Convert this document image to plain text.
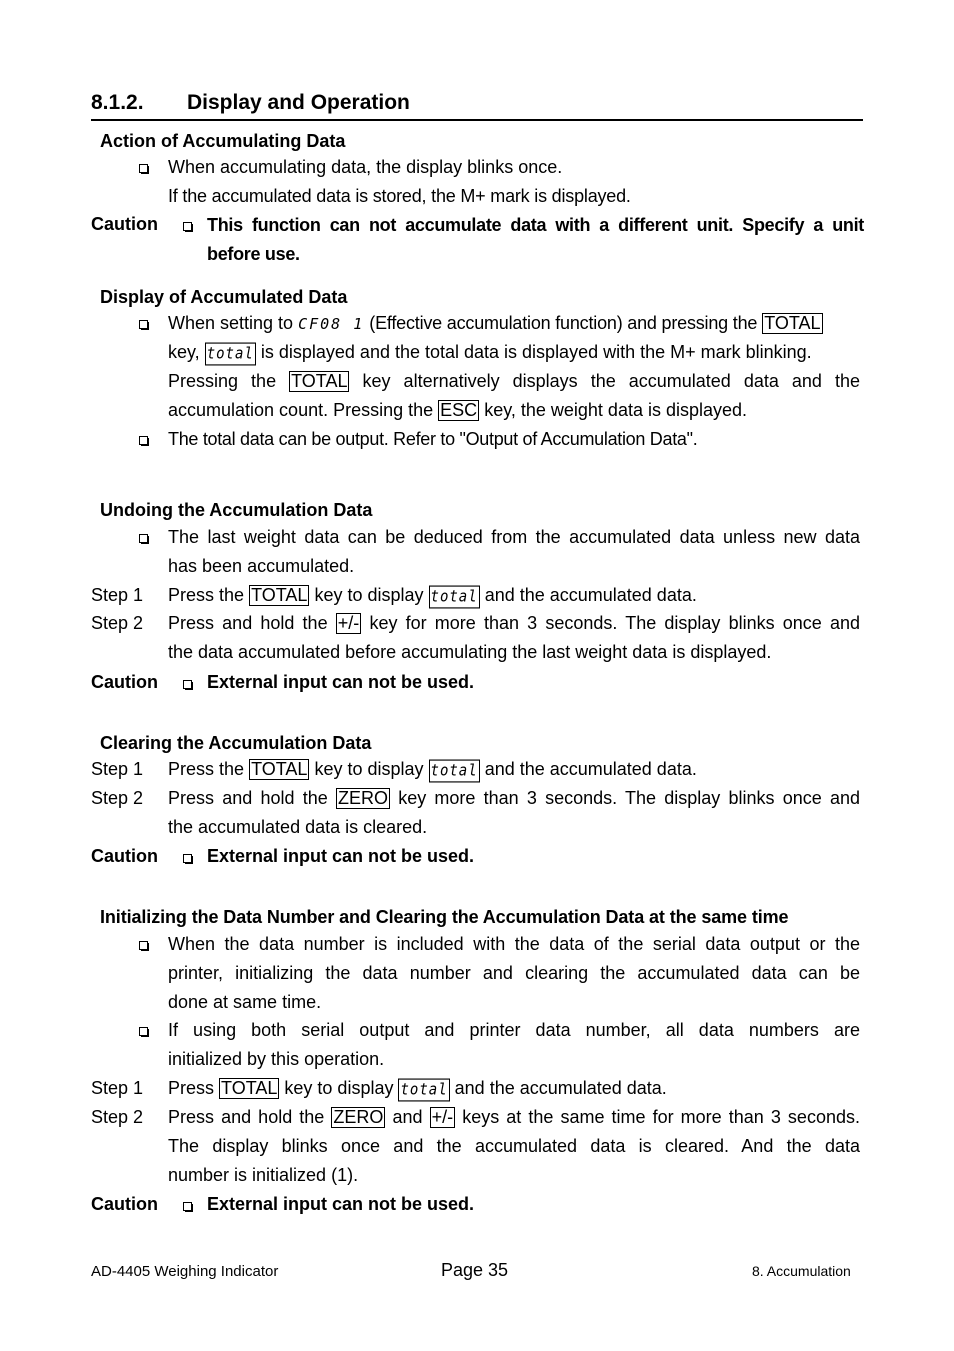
8.1.2. Display and Operation
Action of Accumulating Data
When accumulating data, the display blinks once.
If the accumulated data is stored, the M+ mark is displayed.
Caution	This function can not accumulate data with a different unit. Specify a unit
before use.
Display of Accumulated Data
When setting to CF08 1 (Effective accumulation function) and pressing the TOTAL
key, total is displayed and the total data is displayed with the M+ mark blinking.
Pressing the TOTAL key alternatively displays the accumulated data and the
accumulation count. Pressing the ESC key, the weight data is displayed.
The total data can be output. Refer to "Output of Accumulation Data".
Undoing the Accumulation Data
The last weight data can be deduced from the accumulated data unless new data
has been accumulated.
Step 1 Press the TOTAL key to display total and the accumulated data.
Step 2 Press and hold the +/- key for more than 3 seconds. The display blinks once and
the data accumulated before accumulating the last weight data is displayed.
Caution	External input can not be used.
Clearing the Accumulation Data
Step 1 Press the TOTAL key to display total and the accumulated data.
Step 2 Press and hold the ZERO key more than 3 seconds. The display blinks once and
the accumulated data is cleared.
Caution	External input can not be used.
Initializing the Data Number and Clearing the Accumulation Data at the same time
When the data number is included with the data of the serial data output or the
printer, initializing the data number and clearing the accumulated data can be
done at same time.
If using both serial output and printer data number, all data numbers are
initialized by this operation.
Step 1 Press TOTAL key to display total and the accumulated data.
Step 2 Press and hold the ZERO and +/- keys at the same time for more than 3 seconds.
The display blinks once and the accumulated data is cleared. And the data
number is initialized (1).
Caution	External input can not be used.
AD-4405 Weighing Indicator	Page 35	8. Accumulation
